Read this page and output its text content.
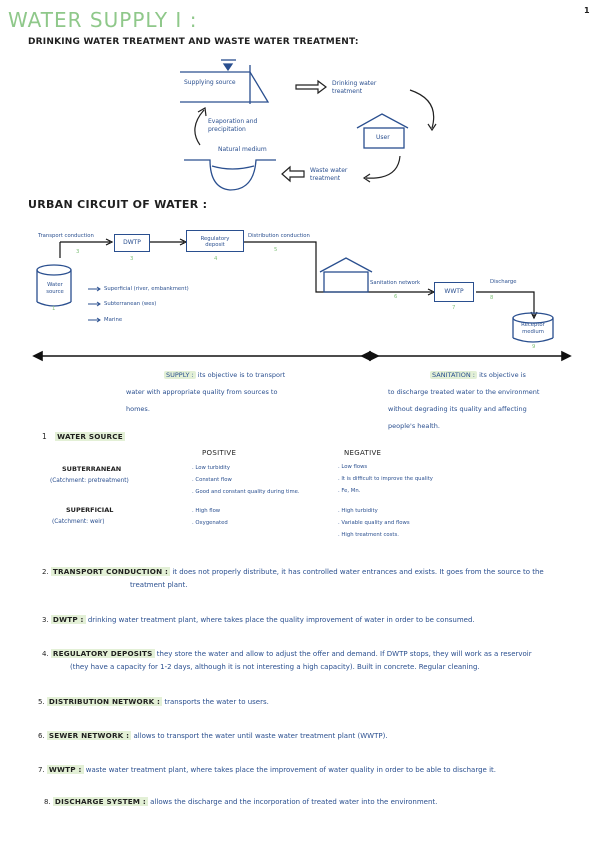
1
WATER SUPPLY I :
DRINKING WATER TREATMENT AND WASTE WATER TREATMENT:
Supplying source	Drinking water treatment
User
Evaporation and precipitation
Natural medium
Waste water treatment
URBAN CIRCUIT OF WATER :
Transport conduction
3
DWTP
3
Regulatory deposit
4
Distribution conduction
5
Water source
1
Superficial (river, embankment)
Subterranean (wes)
Marine
Sanitation network
6
WWTP
7
Discharge
8
Receptor medium
9
SUPPLY : its objective is to transport
water with appropriate quality from sources to
homes.
SANITATION : its objective is
to discharge treated water to the environment
without degrading its quality and affecting
people's health.
1 WATER SOURCE
POSITIVE	NEGATIVE
SUBTERRANEAN
(Catchment: pretreatment)
. Low turbidity
. Constant flow
. Good and constant quality during time.
. Low flows
. It is difficult to improve the quality
. Fe, Mn.
SUPERFICIAL
(Catchment: weir)
. High flow
. Oxygenated
. High turbidity
. Variable quality and flows
. High treatment costs.
2. TRANSPORT CONDUCTION : it does not properly distribute, it has controlled water entrances and exists. It goes from the source to the
treatment plant.
3. DWTP : drinking water treatment plant, where takes place the quality improvement of water in order to be consumed.
4. REGULATORY DEPOSITS they store the water and allow to adjust the offer and demand. If DWTP stops, they will work as a reservoir
(they have a capacity for 1-2 days, although it is not interesting a high capacity). Built in concrete. Regular cleaning.
5. DISTRIBUTION NETWORK : transports the water to users.
6. SEWER NETWORK : allows to transport the water until waste water treatment plant (WWTP).
7. WWTP : waste water treatment plant, where takes place the improvement of water quality in order to be able to discharge it.
8. DISCHARGE SYSTEM : allows the discharge and the incorporation of treated water into the environment.
